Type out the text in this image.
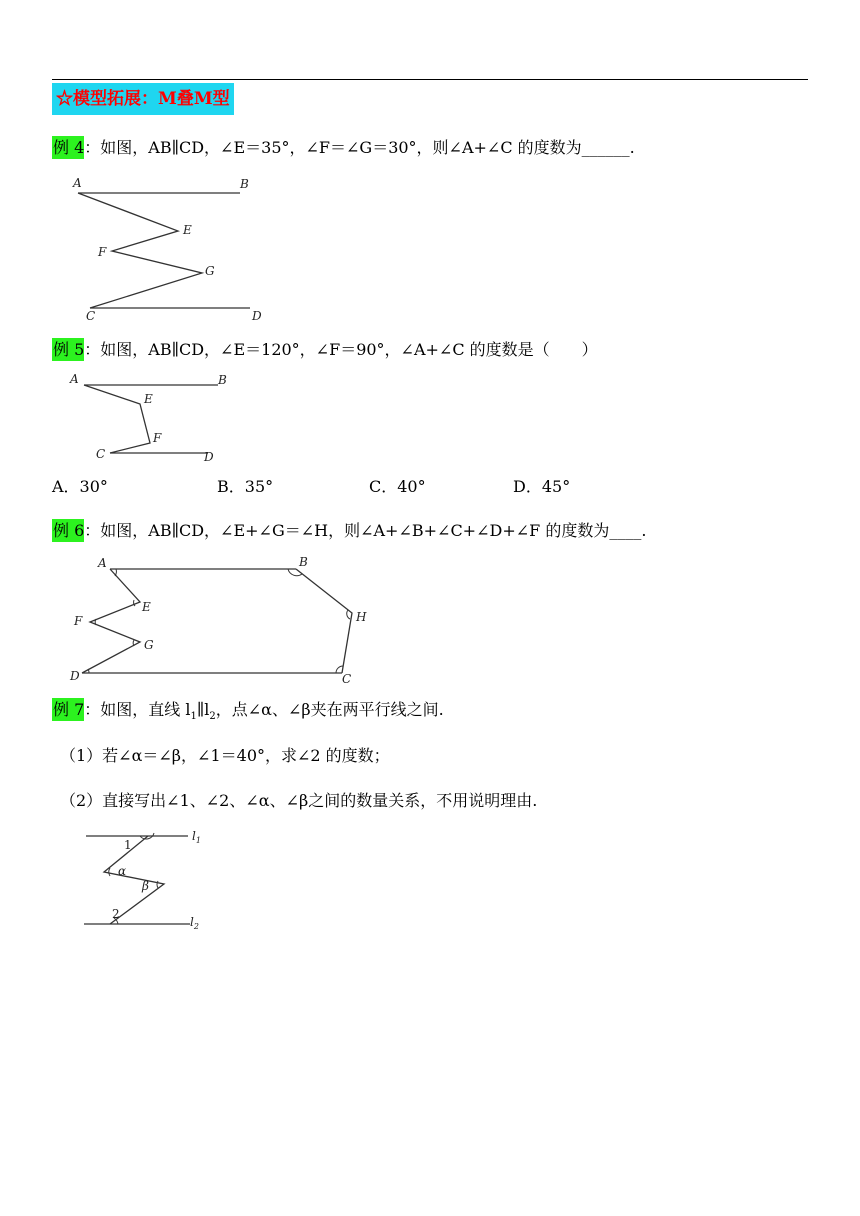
☆模型拓展：M叠M型
例 4：如图，AB∥CD，∠E＝35°，∠F＝∠G＝30°，则∠A+∠C 的度数为______.
A	B
E
F
G
C	D
例 5：如图，AB∥CD，∠E＝120°，∠F＝90°，∠A+∠C 的度数是（　　）
A	B
E
F
C	D
A．30°	B．35°	C．40°	D．45°
例 6：如图，AB∥CD，∠E+∠G＝∠H，则∠A+∠B+∠C+∠D+∠F 的度数为____.
A	B
E
F
G
H
D	C
例 7：如图，直线 $l_1\parallel l_2$，点∠α、∠β夹在两平行线之间.
（1）若∠α＝∠β，∠1＝40°，求∠2 的度数；
（2）直接写出∠1、∠2、∠α、∠β之间的数量关系，不用说明理由.
1
α
β
2
$l_1$
$l_2$
